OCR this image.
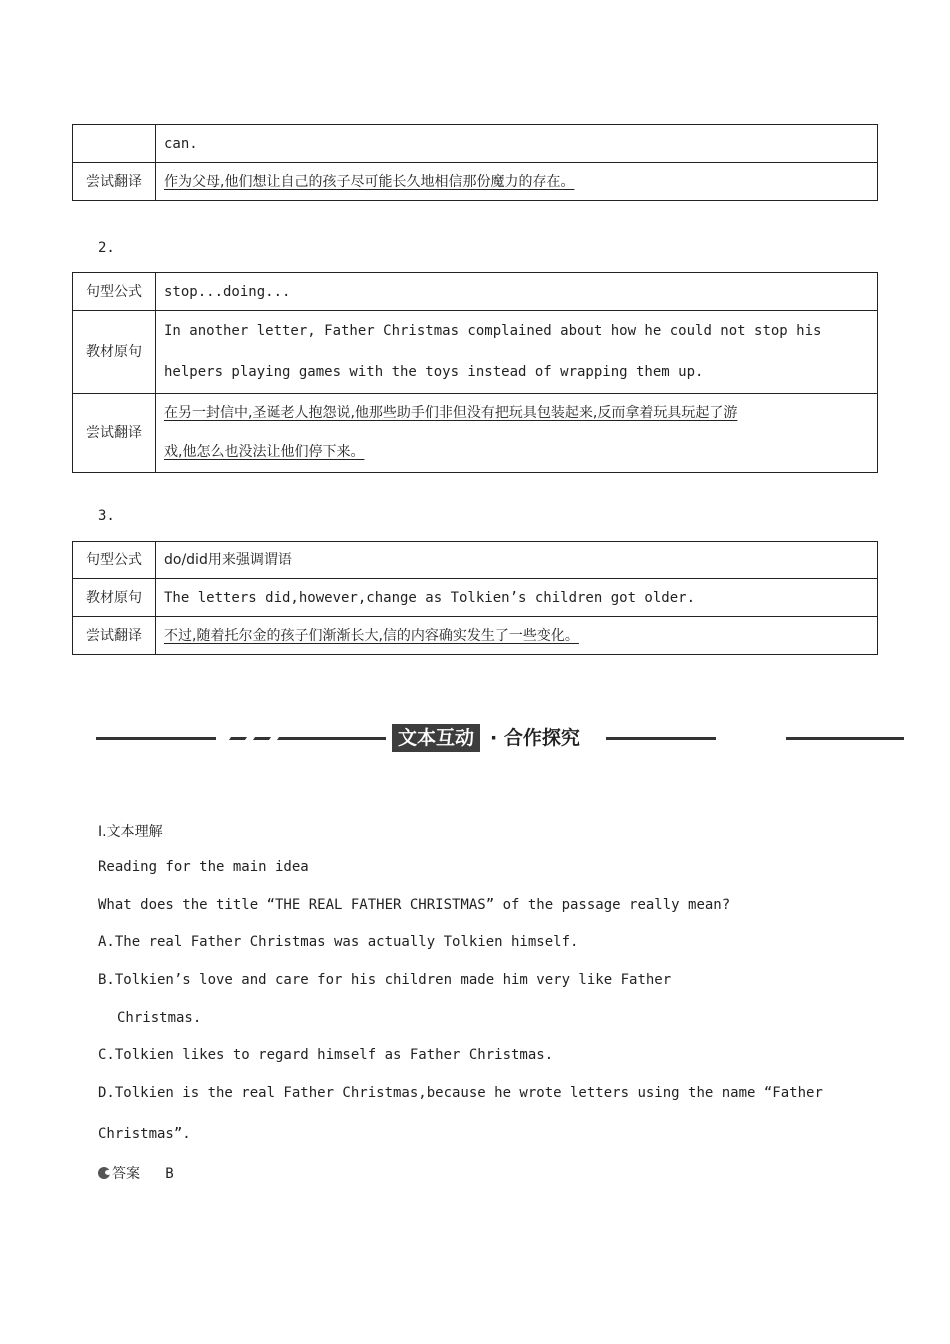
	can.
尝试翻译	作为父母,他们想让自己的孩子尽可能长久地相信那份魔力的存在。
2.
句型公式	stop...doing...
教材原句	In another letter, Father Christmas complained about how he could not stop his
helpers playing games with the toys instead of wrapping them up.

尝试翻译	在另一封信中,圣诞老人抱怨说,他那些助手们非但没有把玩具包装起来,反而拿着玩具玩起了游
戏,他怎么也没法让他们停下来。
3.
句型公式	do/did用来强调谓语
教材原句	The letters did,however,change as Tolkien’s children got older.
尝试翻译	不过,随着托尔金的孩子们渐渐长大,信的内容确实发生了一些变化。
文本互动 · 合作探究
Ⅰ.文本理解
Reading for the main idea
What does the title “THE REAL FATHER CHRISTMAS” of the passage really mean?
A.The real Father Christmas was actually Tolkien himself.
B.Tolkien’s love and care for his children made him very like Father
Christmas.
C.Tolkien likes to regard himself as Father Christmas.
D.Tolkien is the real Father Christmas,because he wrote letters using the name “Father
Christmas”.
答案 B
